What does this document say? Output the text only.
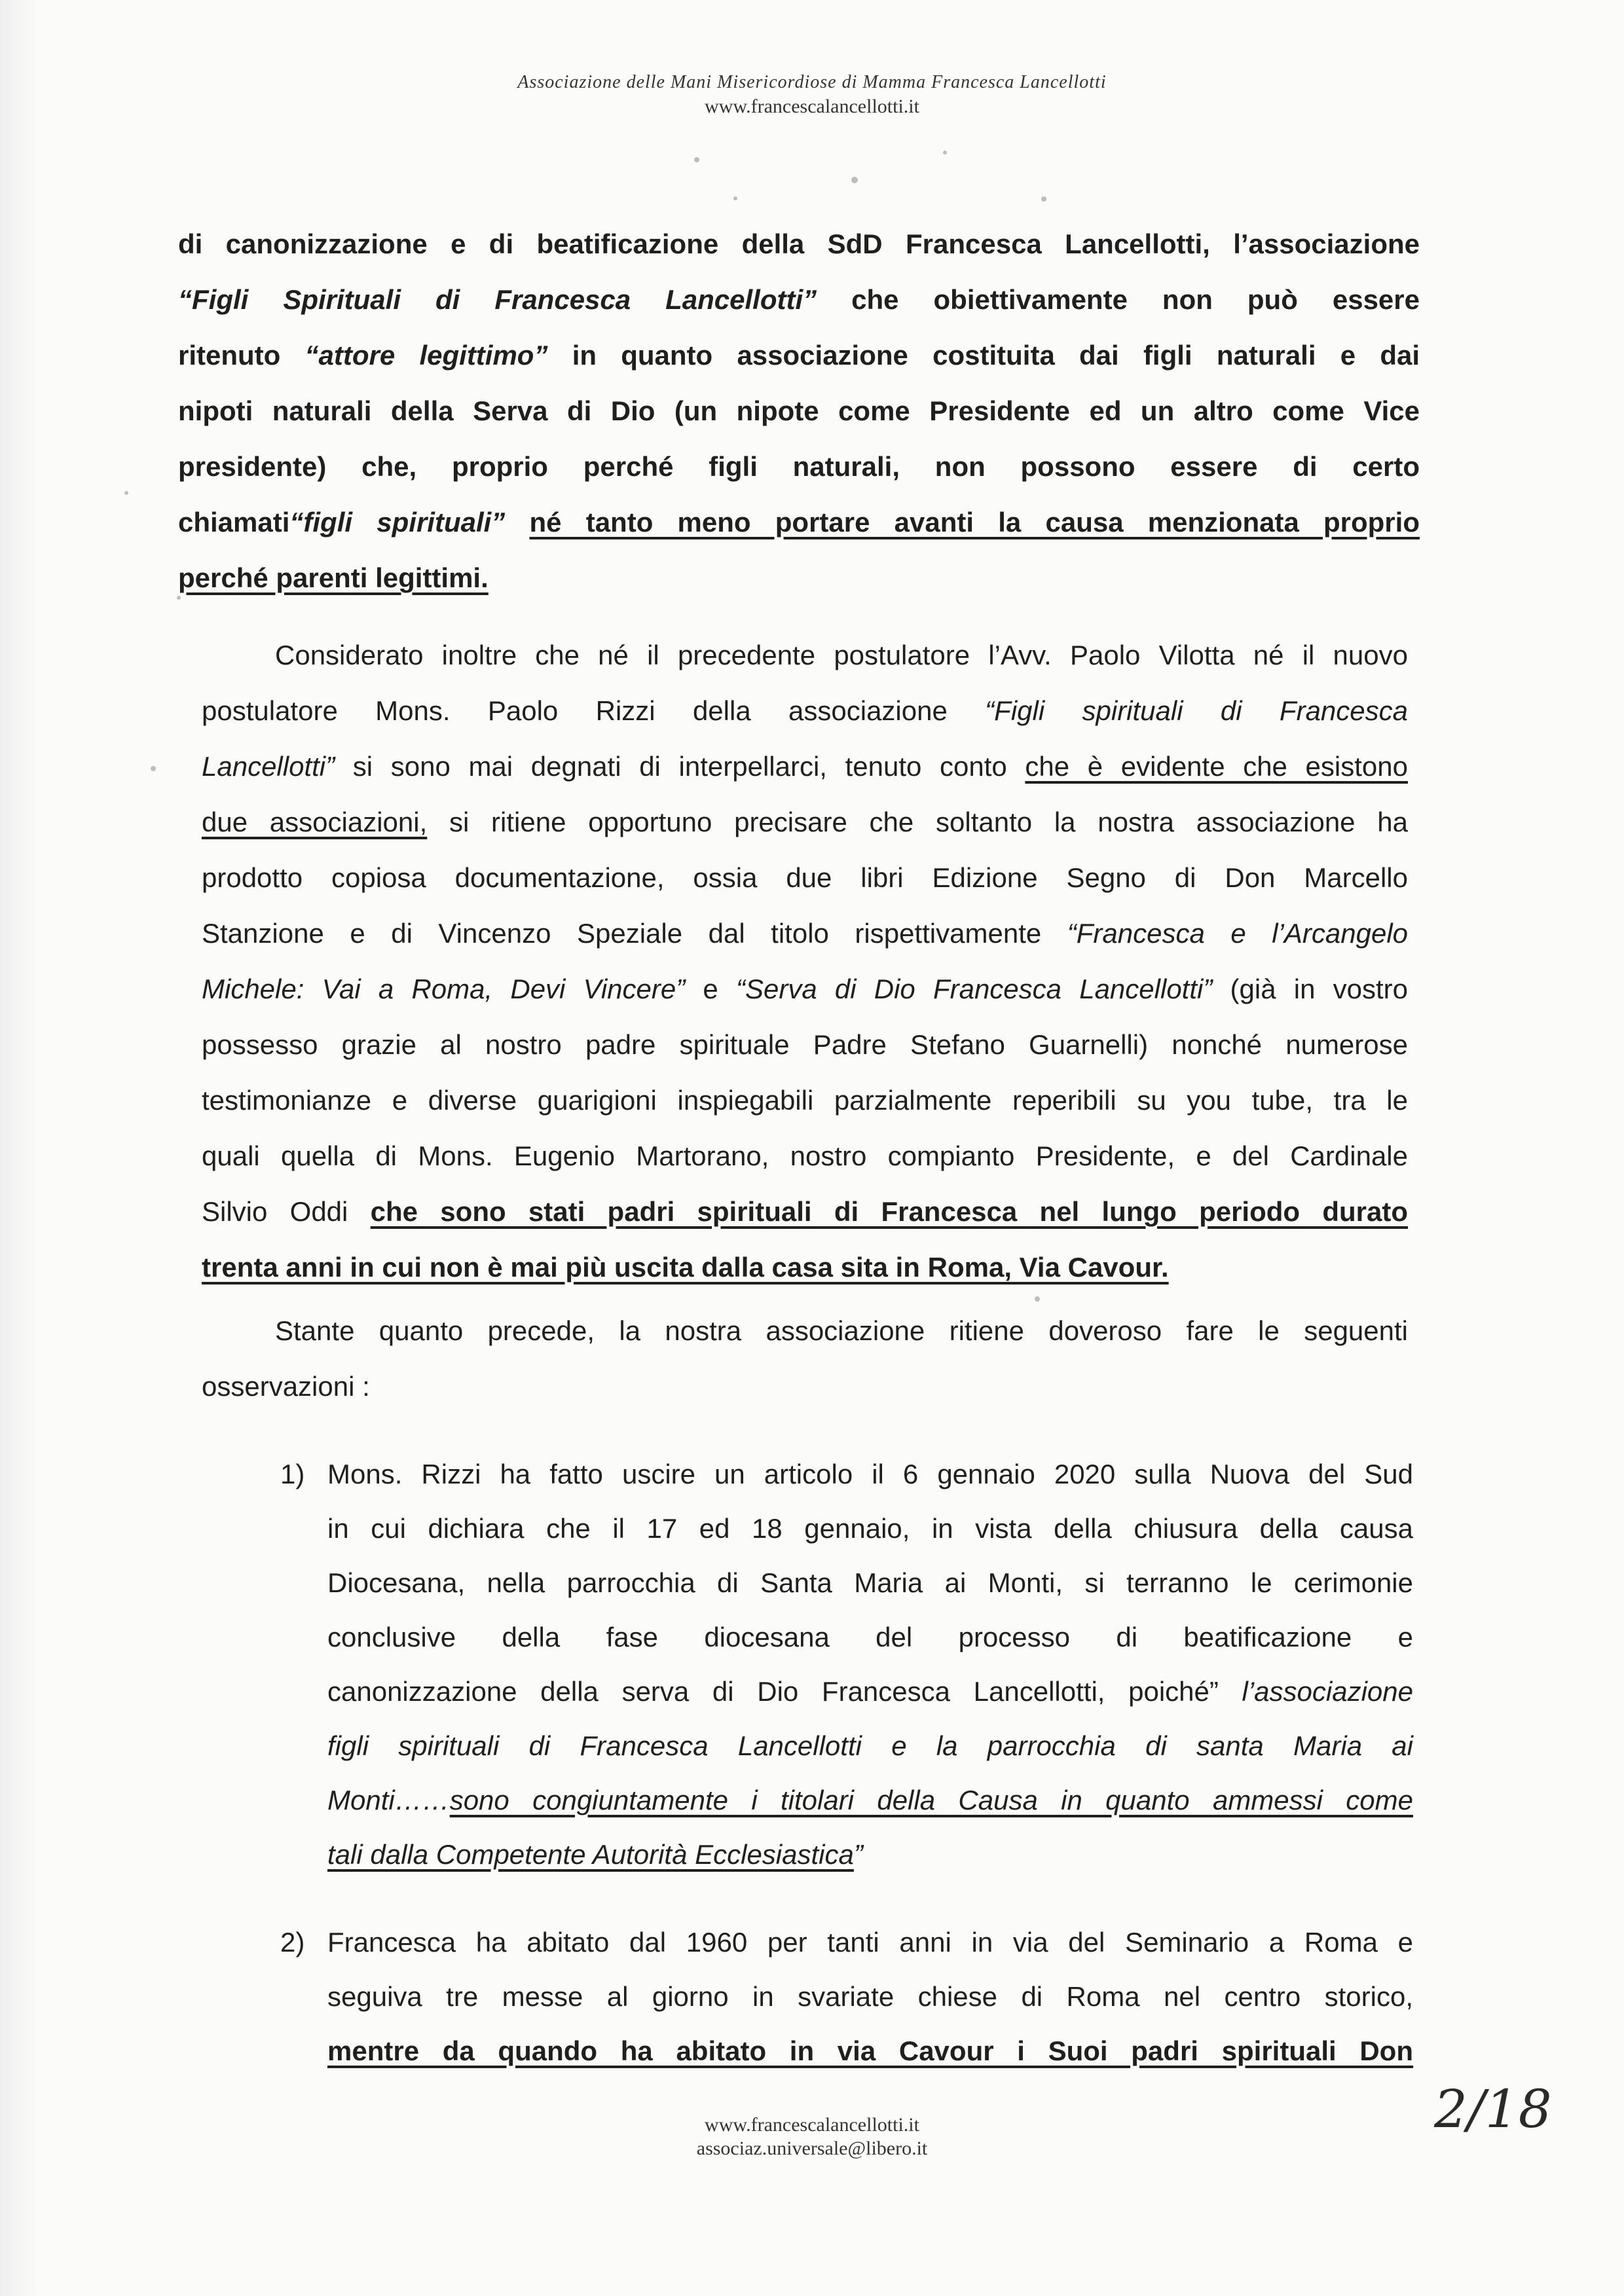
Associazione delle Mani Misericordiose di Mamma Francesca Lancellotti
www.francescalancellotti.it
di canonizzazione e di beatificazione della SdD Francesca Lancellotti, l’associazione
“Figli Spirituali di Francesca Lancellotti” che obiettivamente non può essere
ritenuto “attore legittimo” in quanto associazione costituita dai figli naturali e dai
nipoti naturali della Serva di Dio (un nipote come Presidente ed un altro come Vice
presidente) che, proprio perché figli naturali, non possono essere di certo
chiamati“figli spirituali” né tanto meno portare avanti la causa menzionata proprio
perché parenti legittimi.
Considerato inoltre che né il precedente postulatore l’Avv. Paolo Vilotta né il nuovo
postulatore Mons. Paolo Rizzi della associazione “Figli spirituali di Francesca
Lancellotti” si sono mai degnati di interpellarci, tenuto conto che è evidente che esistono
due associazioni, si ritiene opportuno precisare che soltanto la nostra associazione ha
prodotto copiosa documentazione, ossia due libri Edizione Segno di Don Marcello
Stanzione e di Vincenzo Speziale dal titolo rispettivamente “Francesca e l’Arcangelo
Michele: Vai a Roma, Devi Vincere” e “Serva di Dio Francesca Lancellotti” (già in vostro
possesso grazie al nostro padre spirituale Padre Stefano Guarnelli) nonché numerose
testimonianze e diverse guarigioni inspiegabili parzialmente reperibili su you tube, tra le
quali quella di Mons. Eugenio Martorano, nostro compianto Presidente, e del Cardinale
Silvio Oddi che sono stati padri spirituali di Francesca nel lungo periodo durato
trenta anni in cui non è mai più uscita dalla casa sita in Roma, Via Cavour.
Stante quanto precede, la nostra associazione ritiene doveroso fare le seguenti
osservazioni :
1) Mons. Rizzi ha fatto uscire un articolo il 6 gennaio 2020 sulla Nuova del Sud
in cui dichiara che il 17 ed 18 gennaio, in vista della chiusura della causa
Diocesana, nella parrocchia di Santa Maria ai Monti, si terranno le cerimonie
conclusive della fase diocesana del processo di beatificazione e
canonizzazione della serva di Dio Francesca Lancellotti, poiché” l’associazione
figli spirituali di Francesca Lancellotti e la parrocchia di santa Maria ai
Monti……sono congiuntamente i titolari della Causa in quanto ammessi come
tali dalla Competente Autorità Ecclesiastica”
2) Francesca ha abitato dal 1960 per tanti anni in via del Seminario a Roma e
seguiva tre messe al giorno in svariate chiese di Roma nel centro storico,
mentre da quando ha abitato in via Cavour i Suoi padri spirituali Don
www.francescalancellotti.it
associaz.universale@libero.it
2/18
